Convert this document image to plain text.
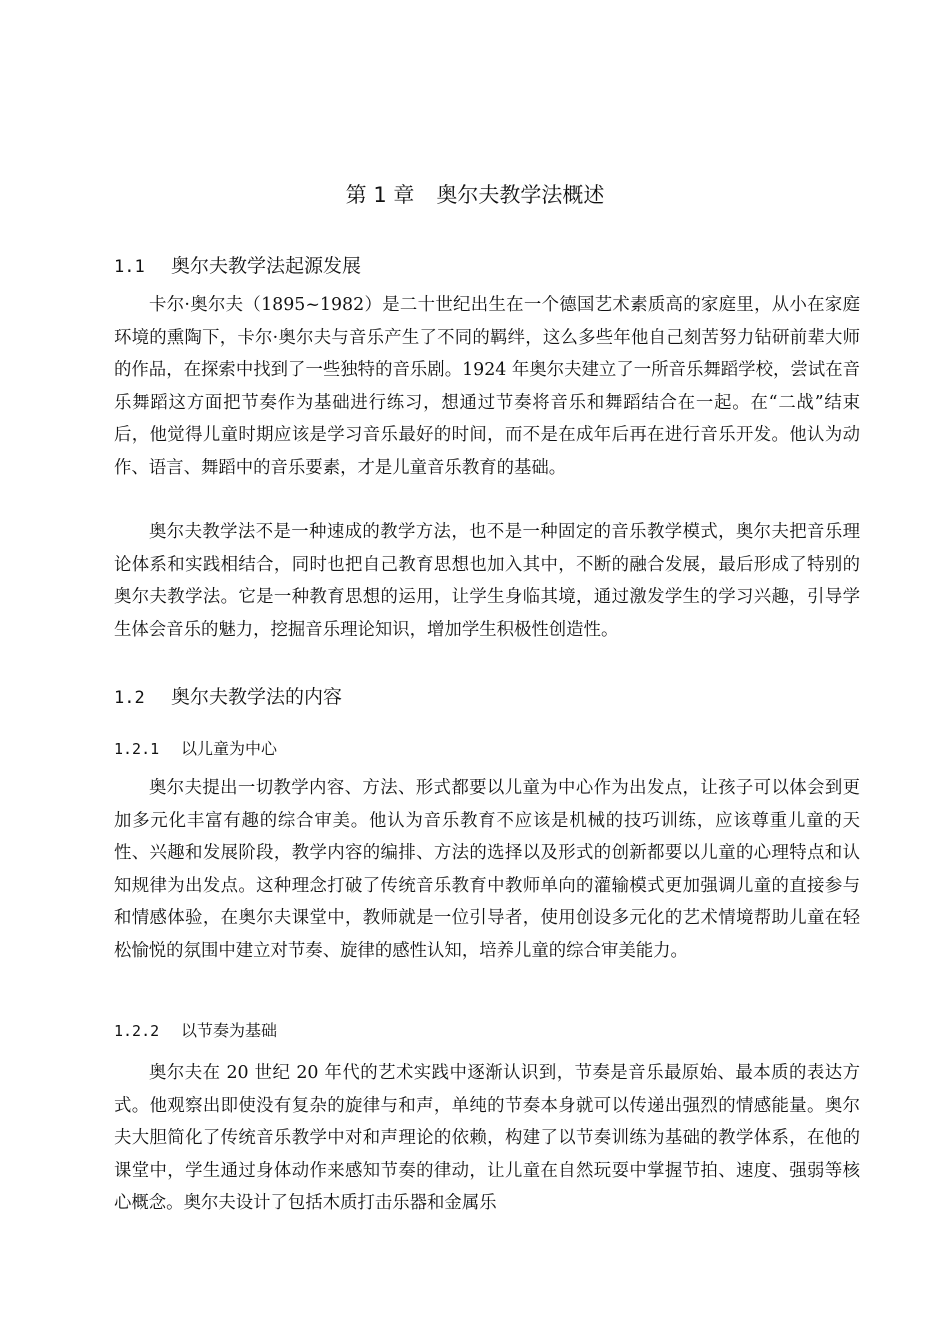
第 1 章 奥尔夫教学法概述
1.1 奥尔夫教学法起源发展

卡尔·奥尔夫（1895~1982）是二十世纪出生在一个德国艺术素质高的家庭里，从小在家庭环境的熏陶下，卡尔·奥尔夫与音乐产生了不同的羁绊，这么多些年他自己刻苦努力钻研前辈大师的作品，在探索中找到了一些独特的音乐剧。1924 年奥尔夫建立了一所音乐舞蹈学校，尝试在音乐舞蹈这方面把节奏作为基础进行练习，想通过节奏将音乐和舞蹈结合在一起。在“二战”结束后，他觉得儿童时期应该是学习音乐最好的时间，而不是在成年后再在进行音乐开发。他认为动作、语言、舞蹈中的音乐要素，才是儿童音乐教育的基础。

奥尔夫教学法不是一种速成的教学方法，也不是一种固定的音乐教学模式，奥尔夫把音乐理论体系和实践相结合，同时也把自己教育思想也加入其中，不断的融合发展，最后形成了特别的奥尔夫教学法。它是一种教育思想的运用，让学生身临其境，通过激发学生的学习兴趣，引导学生体会音乐的魅力，挖掘音乐理论知识，增加学生积极性创造性。

1.2 奥尔夫教学法的内容
1.2.1 以儿童为中心

奥尔夫提出一切教学内容、方法、形式都要以儿童为中心作为出发点，让孩子可以体会到更加多元化丰富有趣的综合审美。他认为音乐教育不应该是机械的技巧训练，应该尊重儿童的天性、兴趣和发展阶段，教学内容的编排、方法的选择以及形式的创新都要以儿童的心理特点和认知规律为出发点。这种理念打破了传统音乐教育中教师单向的灌输模式更加强调儿童的直接参与和情感体验，在奥尔夫课堂中，教师就是一位引导者，使用创设多元化的艺术情境帮助儿童在轻松愉悦的氛围中建立对节奏、旋律的感性认知，培养儿童的综合审美能力。

1.2.2 以节奏为基础

奥尔夫在 20 世纪 20 年代的艺术实践中逐渐认识到，节奏是音乐最原始、最本质的表达方式。他观察出即使没有复杂的旋律与和声，单纯的节奏本身就可以传递出强烈的情感能量。奥尔夫大胆简化了传统音乐教学中对和声理论的依赖，构建了以节奏训练为基础的教学体系，在他的课堂中，学生通过身体动作来感知节奏的律动，让儿童在自然玩耍中掌握节拍、速度、强弱等核心概念。奥尔夫设计了包括木质打击乐器和金属乐
